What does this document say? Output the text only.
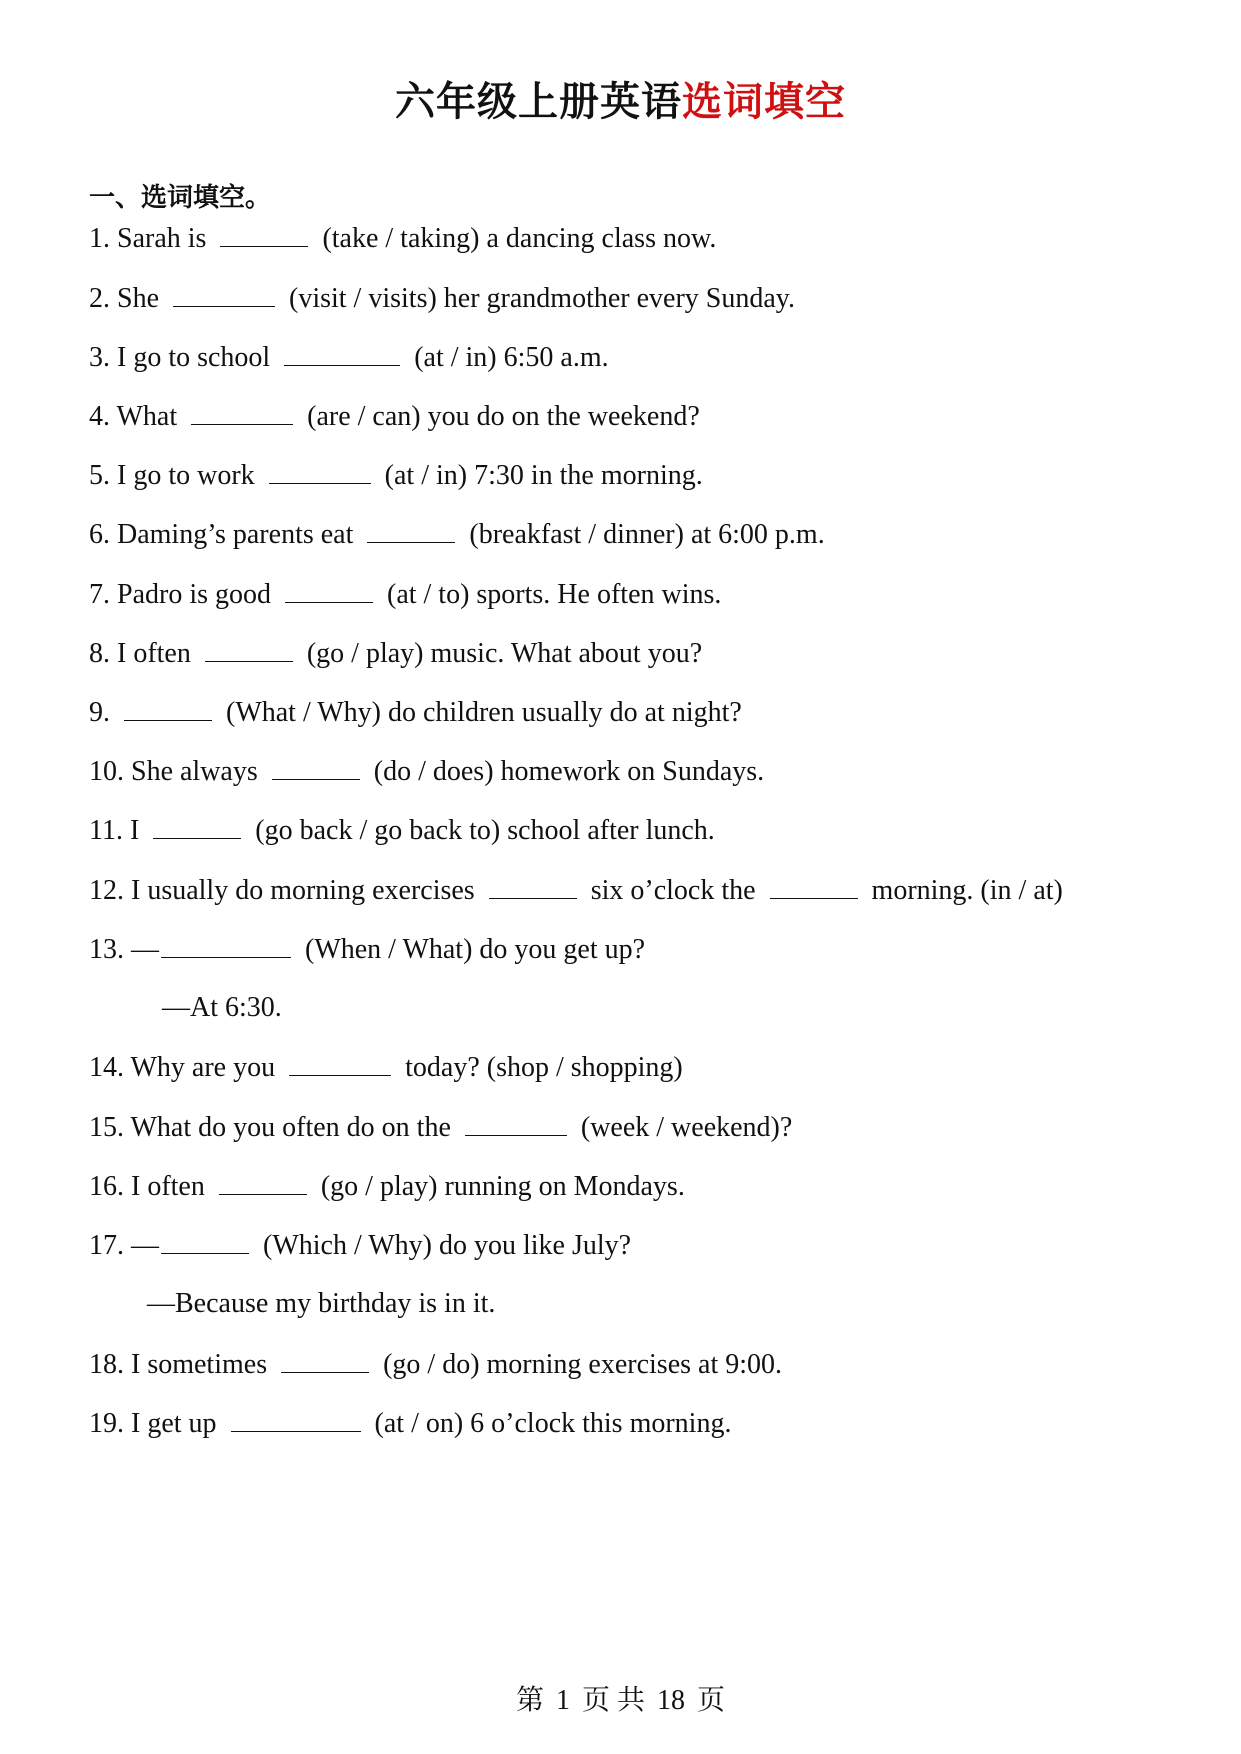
六年级上册英语选词填空
一、选词填空。
1. Sarah is	(take / taking) a dancing class now.
2. She	(visit / visits) her grandmother every Sunday.
3. I go to school	(at / in) 6:50 a.m.
4. What	(are / can) you do on the weekend?
5. I go to work	(at / in) 7:30 in the morning.
6. Daming’s parents eat	(breakfast / dinner) at 6:00 p.m.
7. Padro is good	(at / to) sports. He often wins.
8. I often	(go / play) music. What about you?
9.	(What / Why) do children usually do at night?
10. She always	(do / does) homework on Sundays.
11. I	(go back / go back to) school after lunch.
12. I usually do morning exercises	six o’clock the	morning. (in / at)
13. —	(When / What) do you get up?
—At 6:30.
14. Why are you	today? (shop / shopping)
15. What do you often do on the	(week / weekend)?
16. I often	(go / play) running on Mondays.
17. —	(Which / Why) do you like July?
—Because my birthday is in it.
18. I sometimes	(go / do) morning exercises at 9:00.
19. I get up	(at / on) 6 o’clock this morning.
第 1 页 共 18 页
